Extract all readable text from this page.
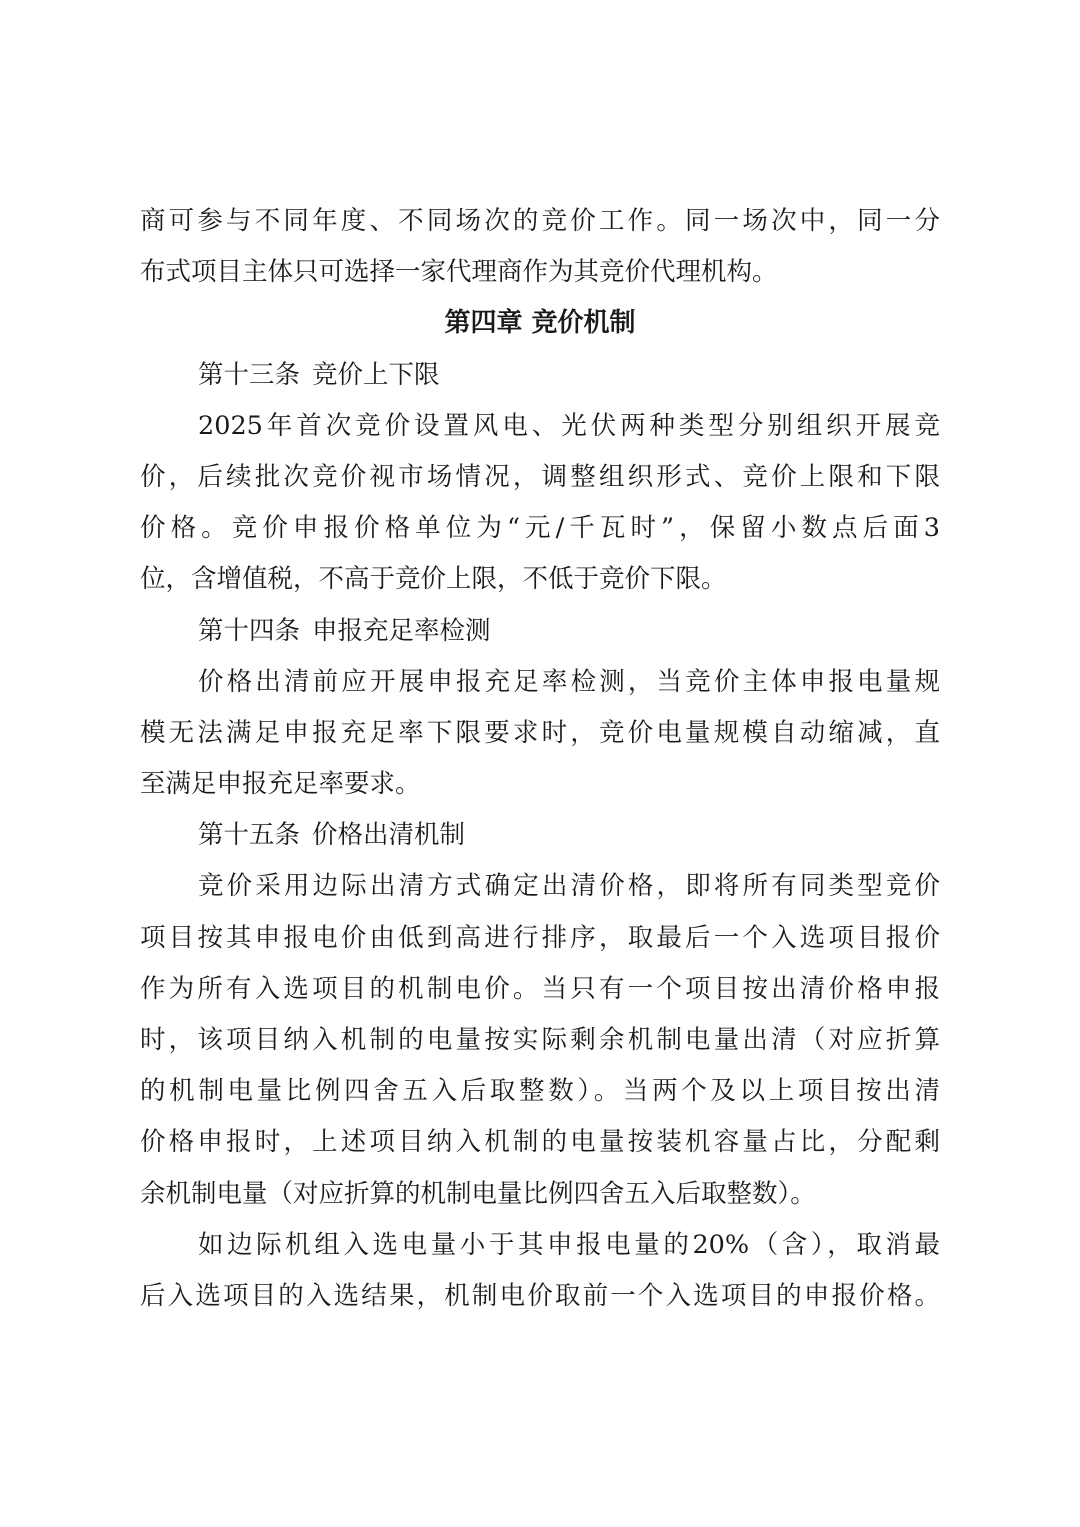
商可参与不同年度、不同场次的竞价工作。同一场次中，同一分
布式项目主体只可选择一家代理商作为其竞价代理机构。
第四章 竞价机制
第十三条 竞价上下限
2025年首次竞价设置风电、光伏两种类型分别组织开展竞
价，后续批次竞价视市场情况，调整组织形式、竞价上限和下限
价格。竞价申报价格单位为“元/千瓦时”，保留小数点后面3
位，含增值税，不高于竞价上限，不低于竞价下限。
第十四条 申报充足率检测
价格出清前应开展申报充足率检测，当竞价主体申报电量规
模无法满足申报充足率下限要求时，竞价电量规模自动缩减，直
至满足申报充足率要求。
第十五条 价格出清机制
竞价采用边际出清方式确定出清价格，即将所有同类型竞价
项目按其申报电价由低到高进行排序，取最后一个入选项目报价
作为所有入选项目的机制电价。当只有一个项目按出清价格申报
时，该项目纳入机制的电量按实际剩余机制电量出清（对应折算
的机制电量比例四舍五入后取整数）。当两个及以上项目按出清
价格申报时，上述项目纳入机制的电量按装机容量占比，分配剩
余机制电量（对应折算的机制电量比例四舍五入后取整数）。
如边际机组入选电量小于其申报电量的20%（含），取消最
后入选项目的入选结果，机制电价取前一个入选项目的申报价格。
